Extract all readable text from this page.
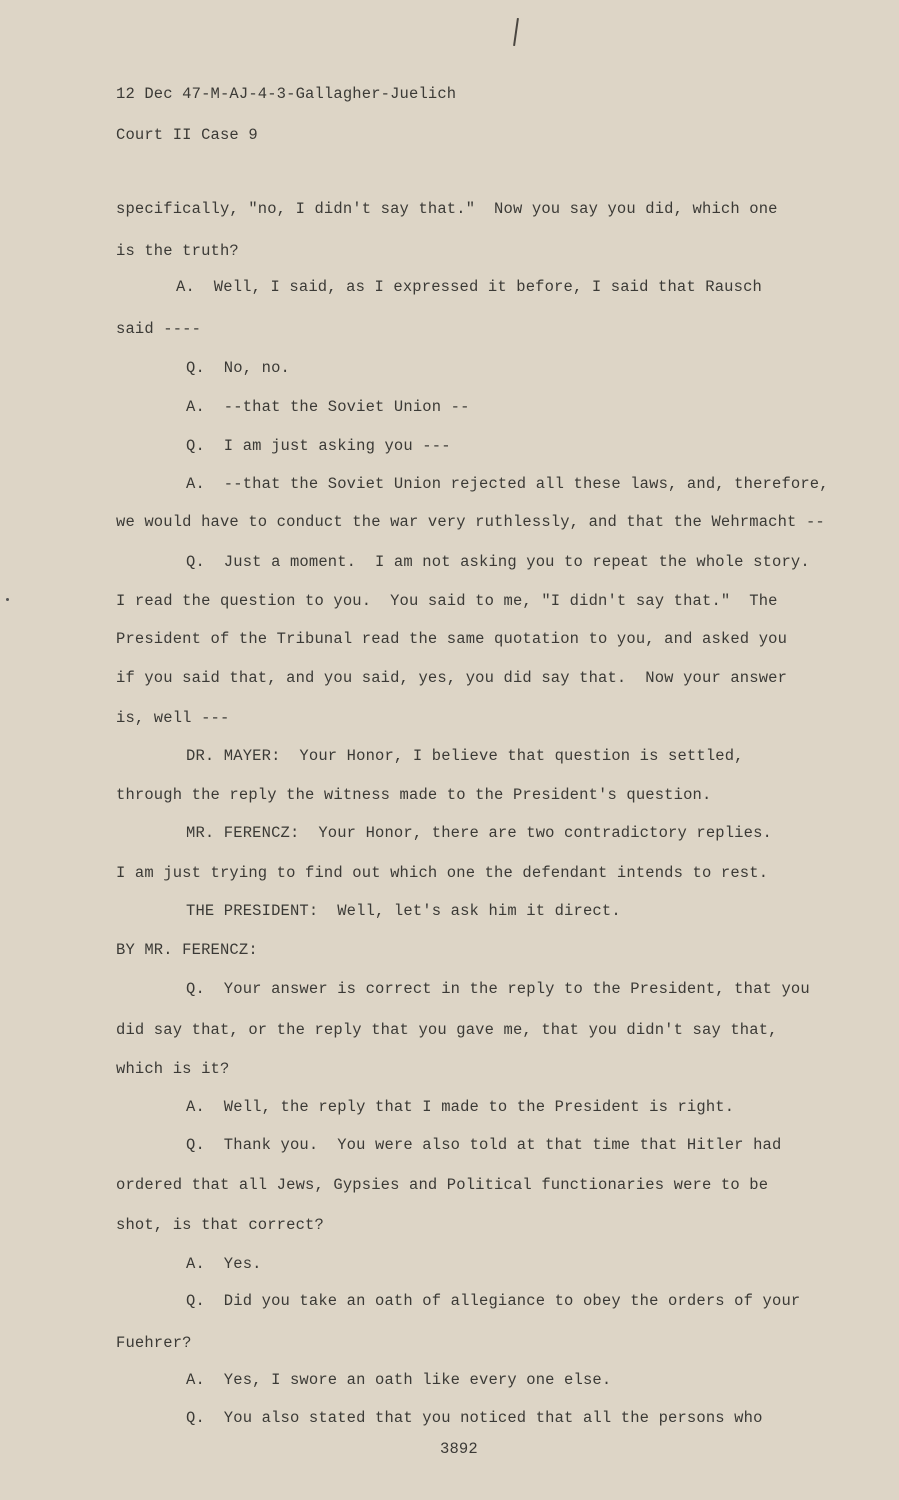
12 Dec 47-M-AJ-4-3-Gallagher-Juelich
Court II Case 9
specifically, "no, I didn't say that."  Now you say you did, which one
is the truth?
A.  Well, I said, as I expressed it before, I said that Rausch
said ----
Q.  No, no.
A.  --that the Soviet Union --
Q.  I am just asking you ---
A.  --that the Soviet Union rejected all these laws, and, therefore,
we would have to conduct the war very ruthlessly, and that the Wehrmacht --
Q.  Just a moment.  I am not asking you to repeat the whole story.
I read the question to you.  You said to me, "I didn't say that."  The
President of the Tribunal read the same quotation to you, and asked you
if you said that, and you said, yes, you did say that.  Now your answer
is, well ---
DR. MAYER:  Your Honor, I believe that question is settled,
through the reply the witness made to the President's question.
MR. FERENCZ:  Your Honor, there are two contradictory replies.
I am just trying to find out which one the defendant intends to rest.
THE PRESIDENT:  Well, let's ask him it direct.
BY MR. FERENCZ:
Q.  Your answer is correct in the reply to the President, that you
did say that, or the reply that you gave me, that you didn't say that,
which is it?
A.  Well, the reply that I made to the President is right.
Q.  Thank you.  You were also told at that time that Hitler had
ordered that all Jews, Gypsies and Political functionaries were to be
shot, is that correct?
A.  Yes.
Q.  Did you take an oath of allegiance to obey the orders of your
Fuehrer?
A.  Yes, I swore an oath like every one else.
Q.  You also stated that you noticed that all the persons who
3892
